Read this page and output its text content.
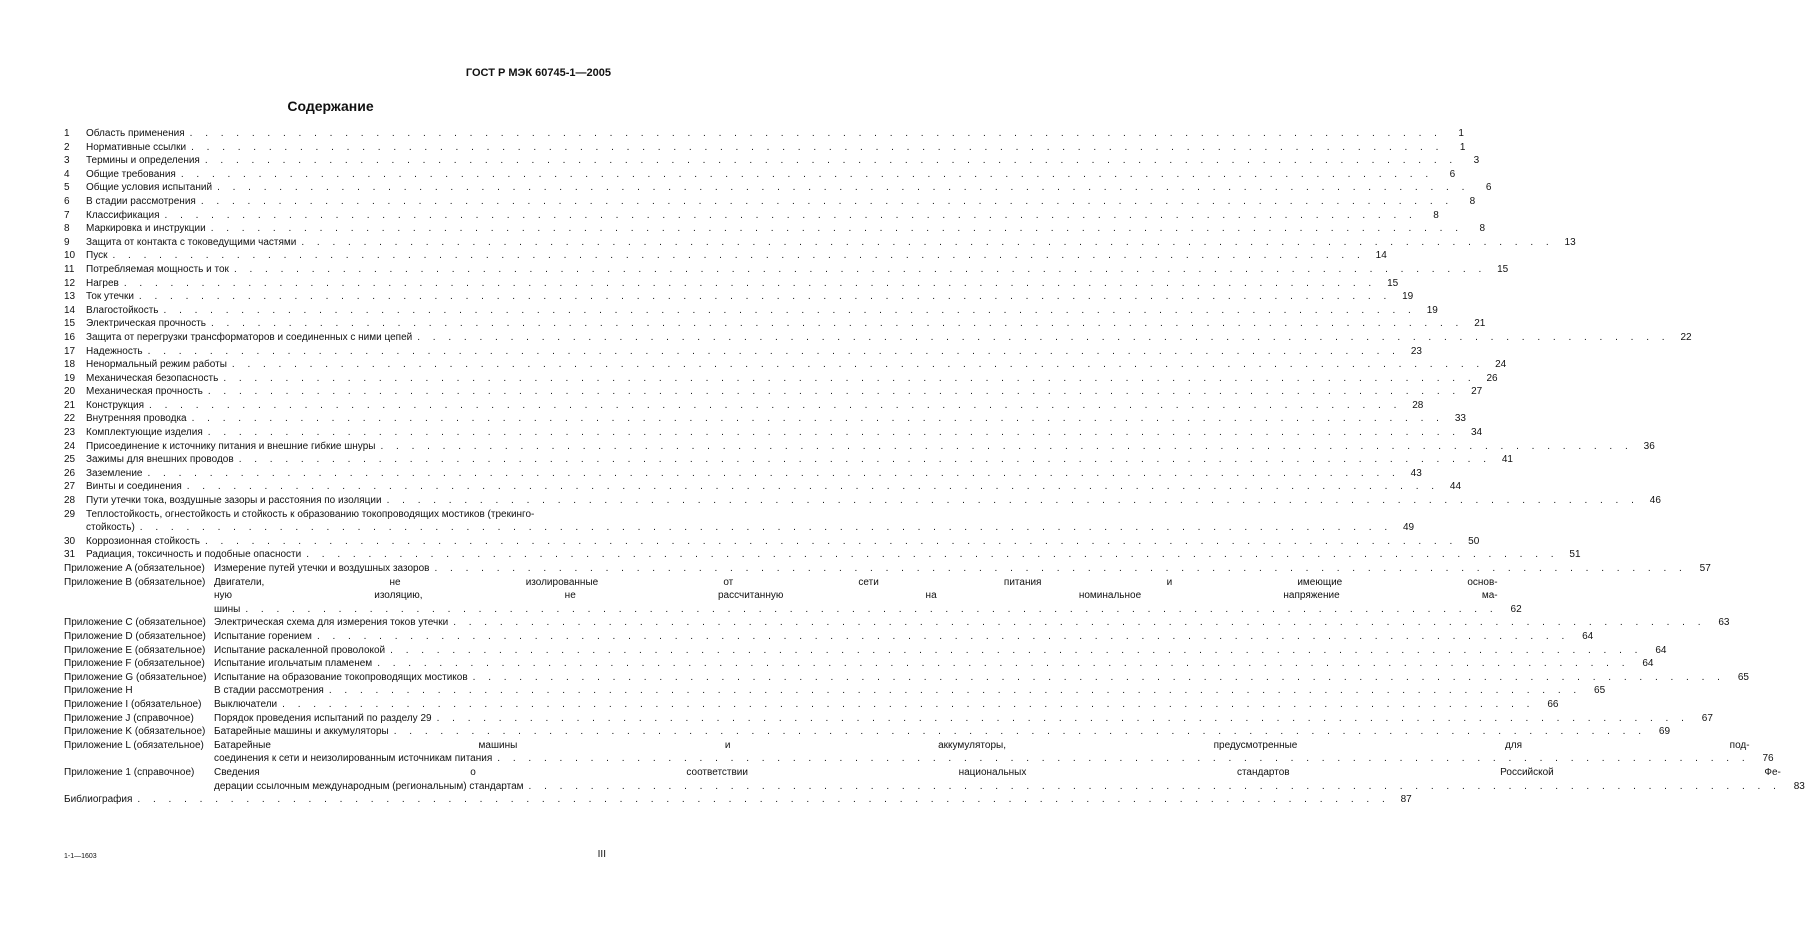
ГОСТ Р МЭК 60745-1—2005
Содержание
1	Область применения . . .	1
2	Нормативные ссылки . . .	1
3	Термины и определения . . .	3
4	Общие требования . . .	6
5	Общие условия испытаний . . .	6
6	В стадии рассмотрения . . .	8
7	Классификация . . .	8
8	Маркировка и инструкции . . .	8
9	Защита от контакта с токоведущими частями . . .	13
10	Пуск . . .	14
11	Потребляемая мощность и ток . . .	15
12	Нагрев . . .	15
13	Ток утечки . . .	19
14	Влагостойкость . . .	19
15	Электрическая прочность . . .	21
16	Защита от перегрузки трансформаторов и соединенных с ними цепей . . .	22
17	Надежность . . .	23
18	Ненормальный режим работы . . .	24
19	Механическая безопасность . . .	26
20	Механическая прочность . . .	27
21	Конструкция . . .	28
22	Внутренняя проводка . . .	33
23	Комплектующие изделия . . .	34
24	Присоединение к источнику питания и внешние гибкие шнуры . . .	36
25	Зажимы для внешних проводов . . .	41
26	Заземление . . .	43
27	Винты и соединения . . .	44
28	Пути утечки тока, воздушные зазоры и расстояния по изоляции . . .	46
29	Теплостойкость, огнестойкость и стойкость к образованию токопроводящих мостиков (трекинго-
стойкость) . . .	49
30	Коррозионная стойкость . . .	50
31	Радиация, токсичность и подобные опасности . . .	51
Приложение A (обязательное) Измерение путей утечки и воздушных зазоров . . .	57
Приложение B (обязательное) Двигатели, не изолированные от сети питания и имеющие основ-
ную изоляцию, не рассчитанную на номинальное напряжение ма-
шины . . .	62
Приложение C (обязательное) Электрическая схема для измерения токов утечки . . .	63
Приложение D (обязательное) Испытание горением . . .	64
Приложение E (обязательное) Испытание раскаленной проволокой . . .	64
Приложение F (обязательное) Испытание игольчатым пламенем . . .	64
Приложение G (обязательное) Испытание на образование токопроводящих мостиков . . .	65
Приложение H	В стадии рассмотрения . . .	65
Приложение I (обязательное)	Выключатели . . .	66
Приложение J (справочное)	Порядок проведения испытаний по разделу 29 . . .	67
Приложение K (обязательное) Батарейные машины и аккумуляторы . . .	69
Приложение L (обязательное)	Батарейные машины и аккумуляторы, предусмотренные для под-
соединения к сети и неизолированным источникам питания . . .	76
Приложение 1 (справочное)	Сведения о соответствии национальных стандартов Российской Фе-
дерации ссылочным международным (региональным) стандартам . . .	83
Библиография . . .	87
1-1—1603	III
